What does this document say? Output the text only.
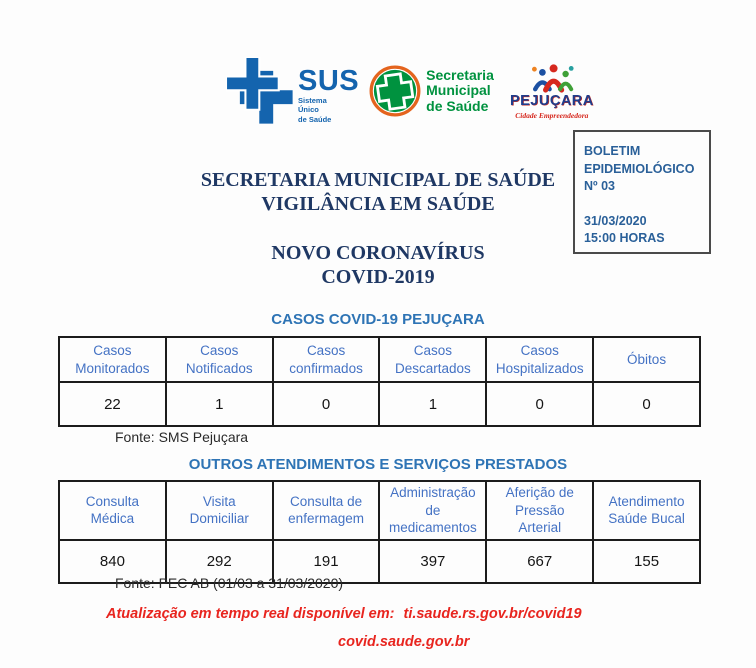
SUS
Sistema
Único
de Saúde
Secretaria
Municipal
de Saúde	PEJUÇARA
Cidade Empreendedora
BOLETIM
EPIDEMIOLÓGICO
Nº 03
31/03/2020
15:00 HORAS
SECRETARIA MUNICIPAL DE SAÚDE
VIGILÂNCIA EM SAÚDE
NOVO CORONAVÍRUS
COVID-2019
CASOS COVID-19 PEJUÇARA
Casos Monitorados	Casos Notificados	Casos confirmados	Casos Descartados	Casos Hospitalizados	Óbitos
22	1	0	1	0	0
Fonte: SMS Pejuçara
OUTROS ATENDIMENTOS E SERVIÇOS PRESTADOS
Consulta Médica	Visita Domiciliar	Consulta de enfermagem	Administração de medicamentos	Aferição de Pressão Arterial	Atendimento Saúde Bucal
840	292	191	397	667	155
Fonte: PEC AB (01/03 a 31/03/2020)
Atualização em tempo real disponível em: ti.saude.rs.gov.br/covid19
covid.saude.gov.br
